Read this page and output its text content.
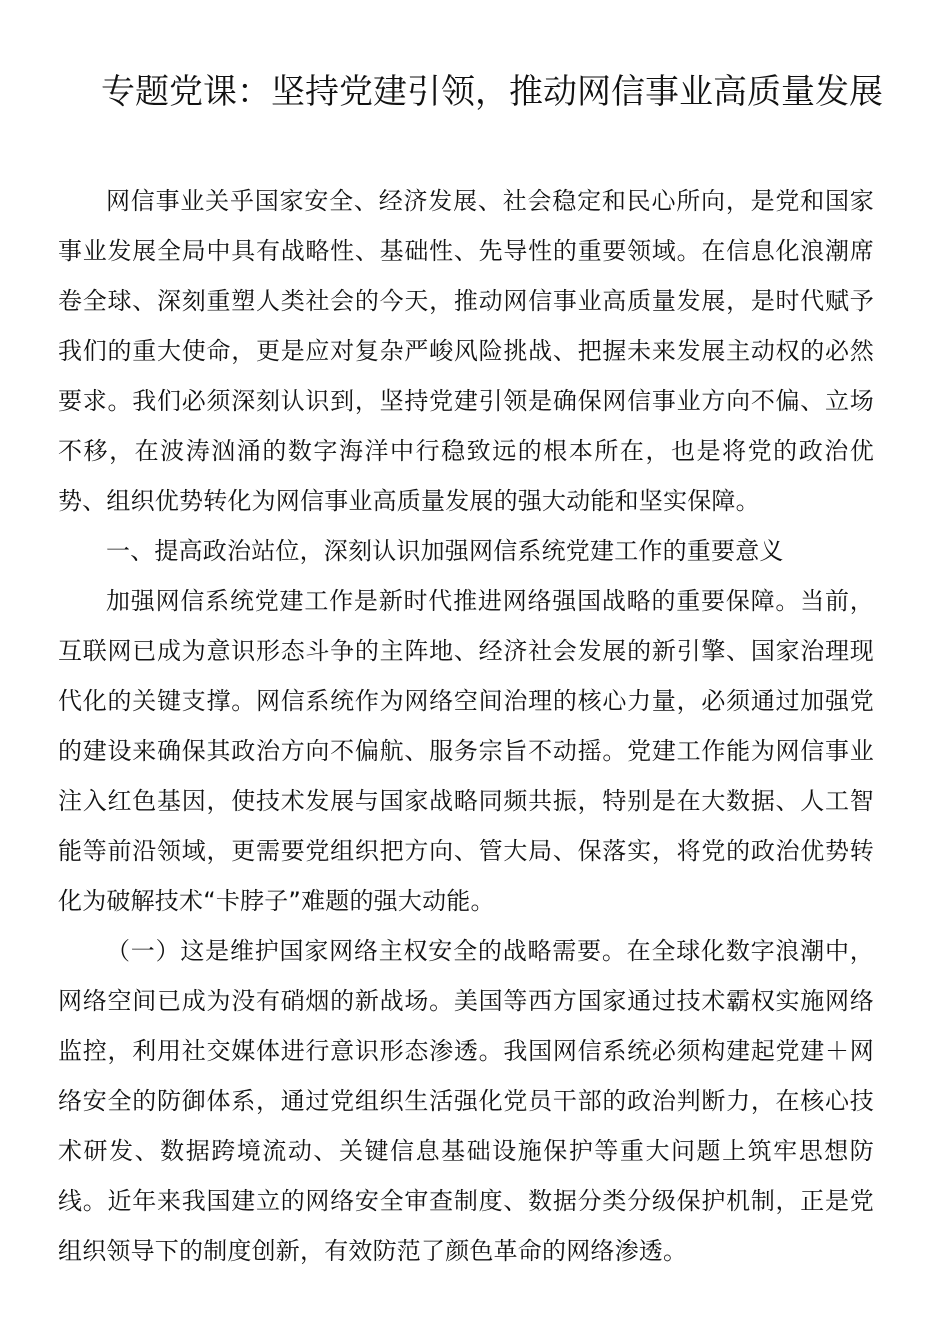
专题党课：坚持党建引领，推动网信事业高质量发展

网信事业关乎国家安全、经济发展、社会稳定和民心所向，是党和国家事业发展全局中具有战略性、基础性、先导性的重要领域。在信息化浪潮席卷全球、深刻重塑人类社会的今天，推动网信事业高质量发展，是时代赋予我们的重大使命，更是应对复杂严峻风险挑战、把握未来发展主动权的必然要求。我们必须深刻认识到，坚持党建引领是确保网信事业方向不偏、立场不移，在波涛汹涌的数字海洋中行稳致远的根本所在，也是将党的政治优势、组织优势转化为网信事业高质量发展的强大动能和坚实保障。

一、提高政治站位，深刻认识加强网信系统党建工作的重要意义

加强网信系统党建工作是新时代推进网络强国战略的重要保障。当前，互联网已成为意识形态斗争的主阵地、经济社会发展的新引擎、国家治理现代化的关键支撑。网信系统作为网络空间治理的核心力量，必须通过加强党的建设来确保其政治方向不偏航、服务宗旨不动摇。党建工作能为网信事业注入红色基因，使技术发展与国家战略同频共振，特别是在大数据、人工智能等前沿领域，更需要党组织把方向、管大局、保落实，将党的政治优势转化为破解技术“卡脖子”难题的强大动能。

（一）这是维护国家网络主权安全的战略需要。在全球化数字浪潮中，网络空间已成为没有硝烟的新战场。美国等西方国家通过技术霸权实施网络监控，利用社交媒体进行意识形态渗透。我国网信系统必须构建起党建＋网络安全的防御体系，通过党组织生活强化党员干部的政治判断力，在核心技术研发、数据跨境流动、关键信息基础设施保护等重大问题上筑牢思想防线。近年来我国建立的网络安全审查制度、数据分类分级保护机制，正是党组织领导下的制度创新，有效防范了颜色革命的网络渗透。
